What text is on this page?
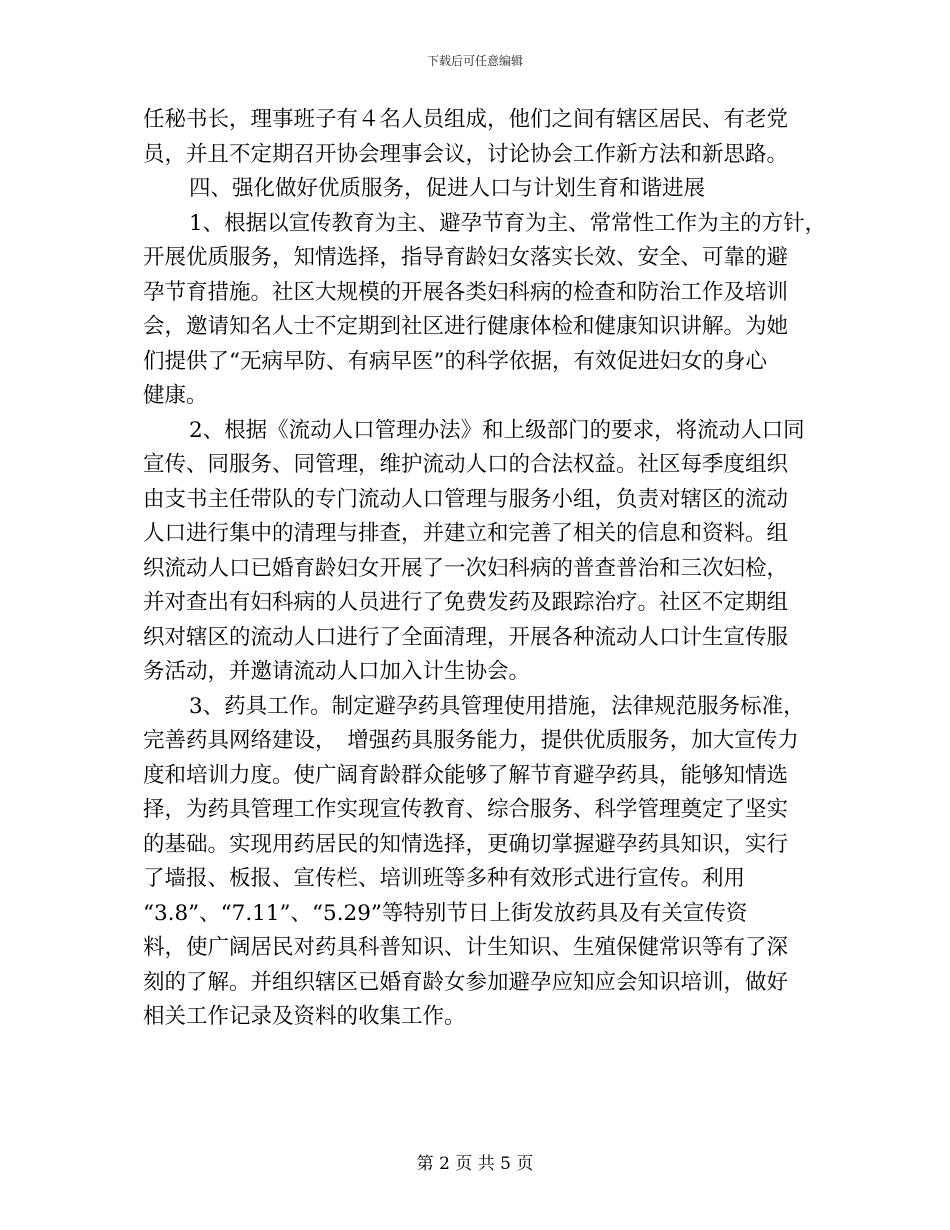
下载后可任意编辑
任秘书长，理事班子有４名人员组成，他们之间有辖区居民、有老党
员，并且不定期召开协会理事会议，讨论协会工作新方法和新思路。
四、强化做好优质服务，促进人口与计划生育和谐进展
1、根据以宣传教育为主、避孕节育为主、常常性工作为主的方针，
开展优质服务，知情选择，指导育龄妇女落实长效、安全、可靠的避
孕节育措施。社区大规模的开展各类妇科病的检查和防治工作及培训
会，邀请知名人士不定期到社区进行健康体检和健康知识讲解。为她
们提供了“无病早防、有病早医”的科学依据，有效促进妇女的身心
健康。
2、根据《流动人口管理办法》和上级部门的要求，将流动人口同
宣传、同服务、同管理，维护流动人口的合法权益。社区每季度组织
由支书主任带队的专门流动人口管理与服务小组，负责对辖区的流动
人口进行集中的清理与排查，并建立和完善了相关的信息和资料。组
织流动人口已婚育龄妇女开展了一次妇科病的普查普治和三次妇检，
并对查出有妇科病的人员进行了免费发药及跟踪治疗。社区不定期组
织对辖区的流动人口进行了全面清理，开展各种流动人口计生宣传服
务活动，并邀请流动人口加入计生协会。
3、药具工作。制定避孕药具管理使用措施，法律规范服务标准，
完善药具网络建设，　增强药具服务能力，提供优质服务，加大宣传力
度和培训力度。使广阔育龄群众能够了解节育避孕药具，能够知情选
择，为药具管理工作实现宣传教育、综合服务、科学管理奠定了坚实
的基础。实现用药居民的知情选择，更确切掌握避孕药具知识，实行
了墙报、板报、宣传栏、培训班等多种有效形式进行宣传。利用
“3.8”、“7.11”、“5.29”等特别节日上街发放药具及有关宣传资
料，使广阔居民对药具科普知识、计生知识、生殖保健常识等有了深
刻的了解。并组织辖区已婚育龄女参加避孕应知应会知识培训，做好
相关工作记录及资料的收集工作。
第 2 页 共 5 页
